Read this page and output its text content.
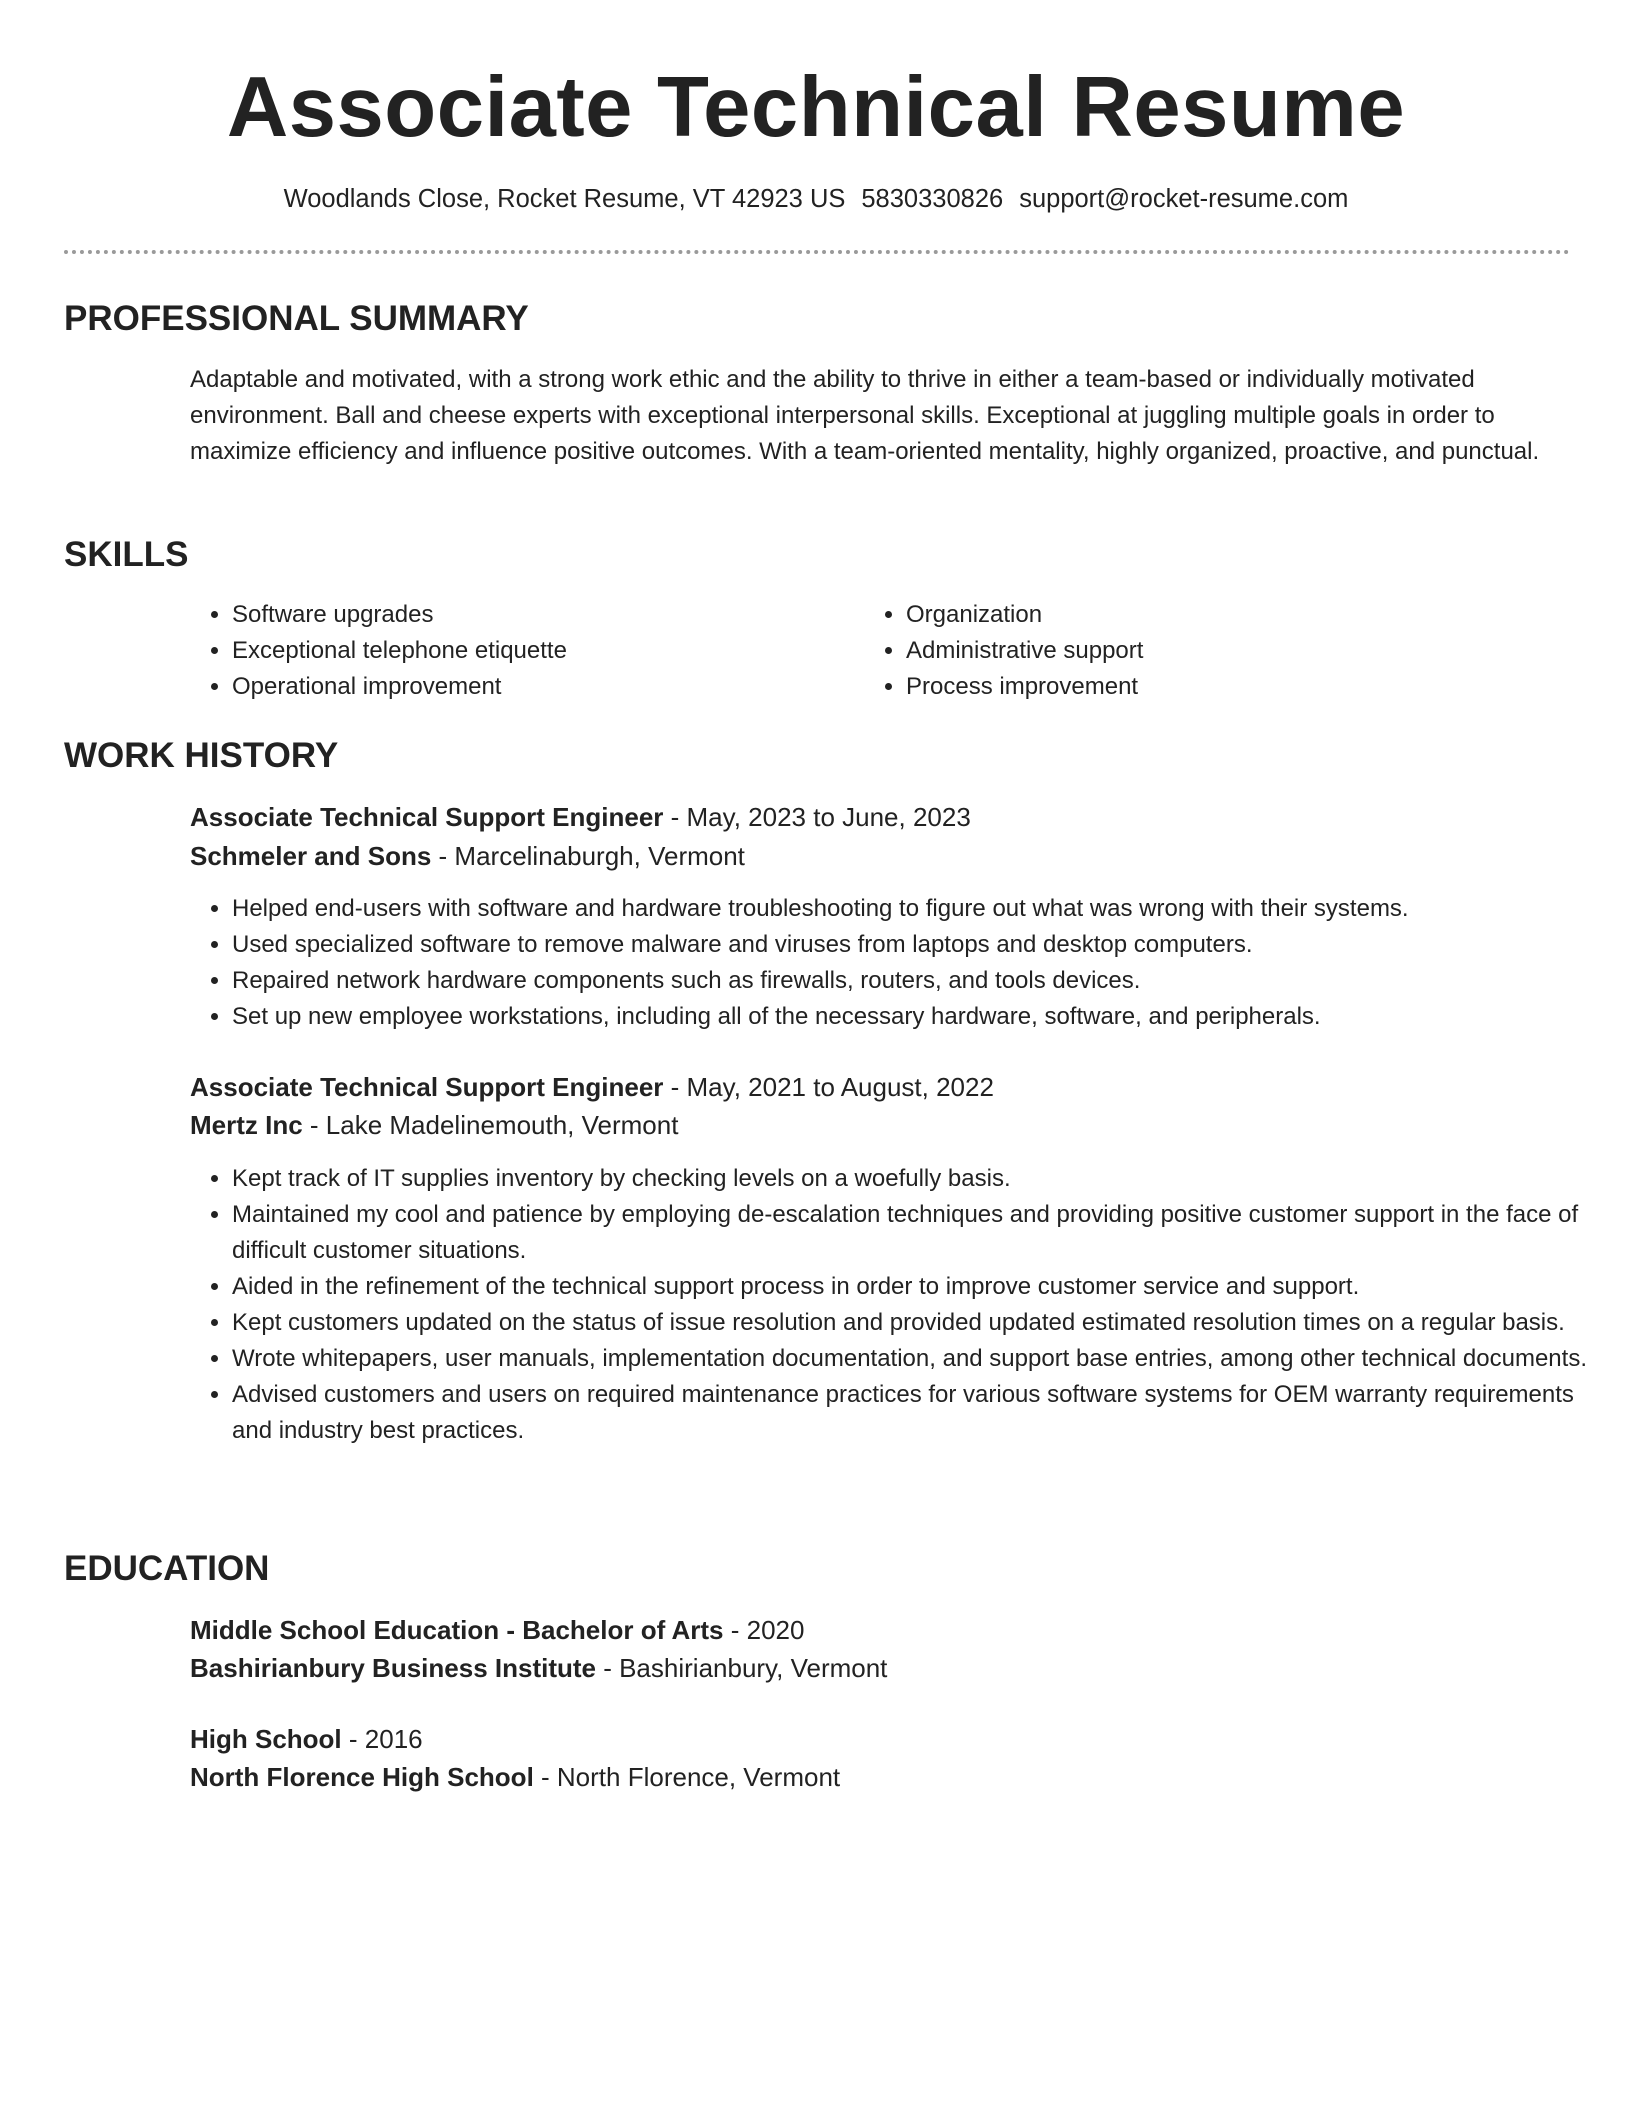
Associate Technical Resume
Woodlands Close, Rocket Resume, VT 42923 US 5830330826 support@rocket-resume.com
PROFESSIONAL SUMMARY
Adaptable and motivated, with a strong work ethic and the ability to thrive in either a team-based or individually motivated environment. Ball and cheese experts with exceptional interpersonal skills. Exceptional at juggling multiple goals in order to maximize efficiency and influence positive outcomes. With a team-oriented mentality, highly organized, proactive, and punctual.
SKILLS
• Software upgrades
• Exceptional telephone etiquette
• Operational improvement
• Organization
• Administrative support
• Process improvement
WORK HISTORY
Associate Technical Support Engineer - May, 2023 to June, 2023
Schmeler and Sons - Marcelinaburgh, Vermont
• Helped end-users with software and hardware troubleshooting to figure out what was wrong with their systems.
• Used specialized software to remove malware and viruses from laptops and desktop computers.
• Repaired network hardware components such as firewalls, routers, and tools devices.
• Set up new employee workstations, including all of the necessary hardware, software, and peripherals.
Associate Technical Support Engineer - May, 2021 to August, 2022
Mertz Inc - Lake Madelinemouth, Vermont
• Kept track of IT supplies inventory by checking levels on a woefully basis.
• Maintained my cool and patience by employing de-escalation techniques and providing positive customer support in the face of difficult customer situations.
• Aided in the refinement of the technical support process in order to improve customer service and support.
• Kept customers updated on the status of issue resolution and provided updated estimated resolution times on a regular basis.
• Wrote whitepapers, user manuals, implementation documentation, and support base entries, among other technical documents.
• Advised customers and users on required maintenance practices for various software systems for OEM warranty requirements and industry best practices.
EDUCATION
Middle School Education - Bachelor of Arts - 2020
Bashirianbury Business Institute - Bashirianbury, Vermont
High School - 2016
North Florence High School - North Florence, Vermont
